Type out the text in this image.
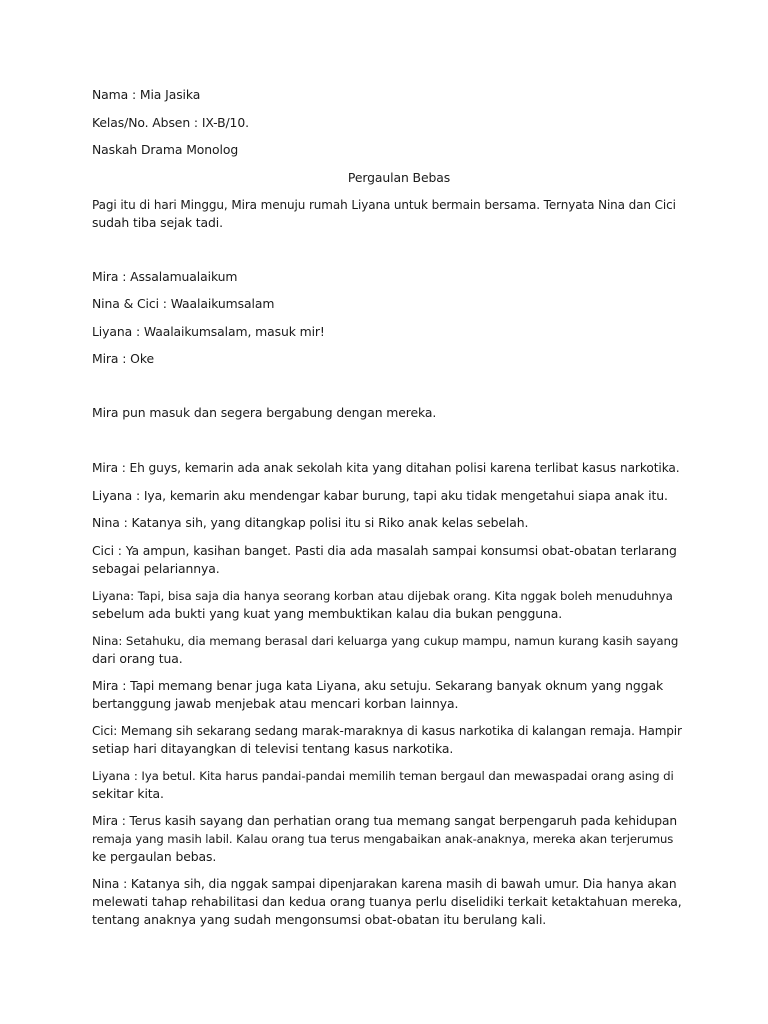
Nama : Mia Jasika
Kelas/No. Absen : IX-B/10.
Naskah Drama Monolog
Pergaulan Bebas
Pagi itu di hari Minggu, Mira menuju rumah Liyana untuk bermain bersama. Ternyata Nina dan Cici
sudah tiba sejak tadi.
Mira : Assalamualaikum
Nina & Cici : Waalaikumsalam
Liyana : Waalaikumsalam, masuk mir!
Mira : Oke
Mira pun masuk dan segera bergabung dengan mereka.
Mira : Eh guys, kemarin ada anak sekolah kita yang ditahan polisi karena terlibat kasus narkotika.
Liyana : Iya, kemarin aku mendengar kabar burung, tapi aku tidak mengetahui siapa anak itu.
Nina : Katanya sih, yang ditangkap polisi itu si Riko anak kelas sebelah.
Cici : Ya ampun, kasihan banget. Pasti dia ada masalah sampai konsumsi obat-obatan terlarang
sebagai pelariannya.
Liyana: Tapi, bisa saja dia hanya seorang korban atau dijebak orang. Kita nggak boleh menuduhnya
sebelum ada bukti yang kuat yang membuktikan kalau dia bukan pengguna.
Nina: Setahuku, dia memang berasal dari keluarga yang cukup mampu, namun kurang kasih sayang
dari orang tua.
Mira : Tapi memang benar juga kata Liyana, aku setuju. Sekarang banyak oknum yang nggak
bertanggung jawab menjebak atau mencari korban lainnya.
Cici: Memang sih sekarang sedang marak-maraknya di kasus narkotika di kalangan remaja. Hampir
setiap hari ditayangkan di televisi tentang kasus narkotika.
Liyana : Iya betul. Kita harus pandai-pandai memilih teman bergaul dan mewaspadai orang asing di
sekitar kita.
Mira : Terus kasih sayang dan perhatian orang tua memang sangat berpengaruh pada kehidupan
remaja yang masih labil. Kalau orang tua terus mengabaikan anak-anaknya, mereka akan terjerumus
ke pergaulan bebas.
Nina : Katanya sih, dia nggak sampai dipenjarakan karena masih di bawah umur. Dia hanya akan
melewati tahap rehabilitasi dan kedua orang tuanya perlu diselidiki terkait ketaktahuan mereka,
tentang anaknya yang sudah mengonsumsi obat-obatan itu berulang kali.
